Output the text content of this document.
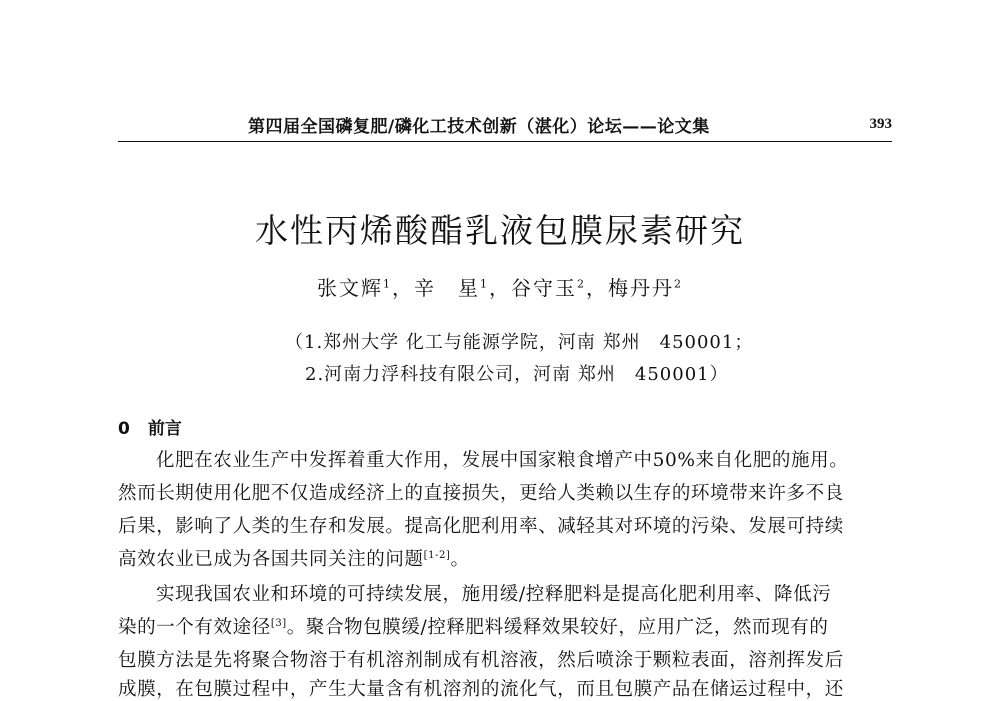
第四届全国磷复肥/磷化工技术创新（湛化）论坛——论文集	393
水性丙烯酸酯乳液包膜尿素研究
张文辉$^1$，辛　星$^1$，谷守玉$^2$，梅丹丹$^2$
（1.郑州大学 化工与能源学院，河南 郑州　450001；
2.河南力浮科技有限公司，河南 郑州　450001）
0 前言
化肥在农业生产中发挥着重大作用，发展中国家粮食增产中50%来自化肥的施用。
然而长期使用化肥不仅造成经济上的直接损失，更给人类赖以生存的环境带来许多不良
后果，影响了人类的生存和发展。提高化肥利用率、减轻其对环境的污染、发展可持续
高效农业已成为各国共同关注的问题[1-2]。
实现我国农业和环境的可持续发展，施用缓/控释肥料是提高化肥利用率、降低污
染的一个有效途径[3]。聚合物包膜缓/控释肥料缓释效果较好，应用广泛，然而现有的
包膜方法是先将聚合物溶于有机溶剂制成有机溶液，然后喷涂于颗粒表面，溶剂挥发后
成膜，在包膜过程中，产生大量含有机溶剂的流化气，而且包膜产品在储运过程中，还
